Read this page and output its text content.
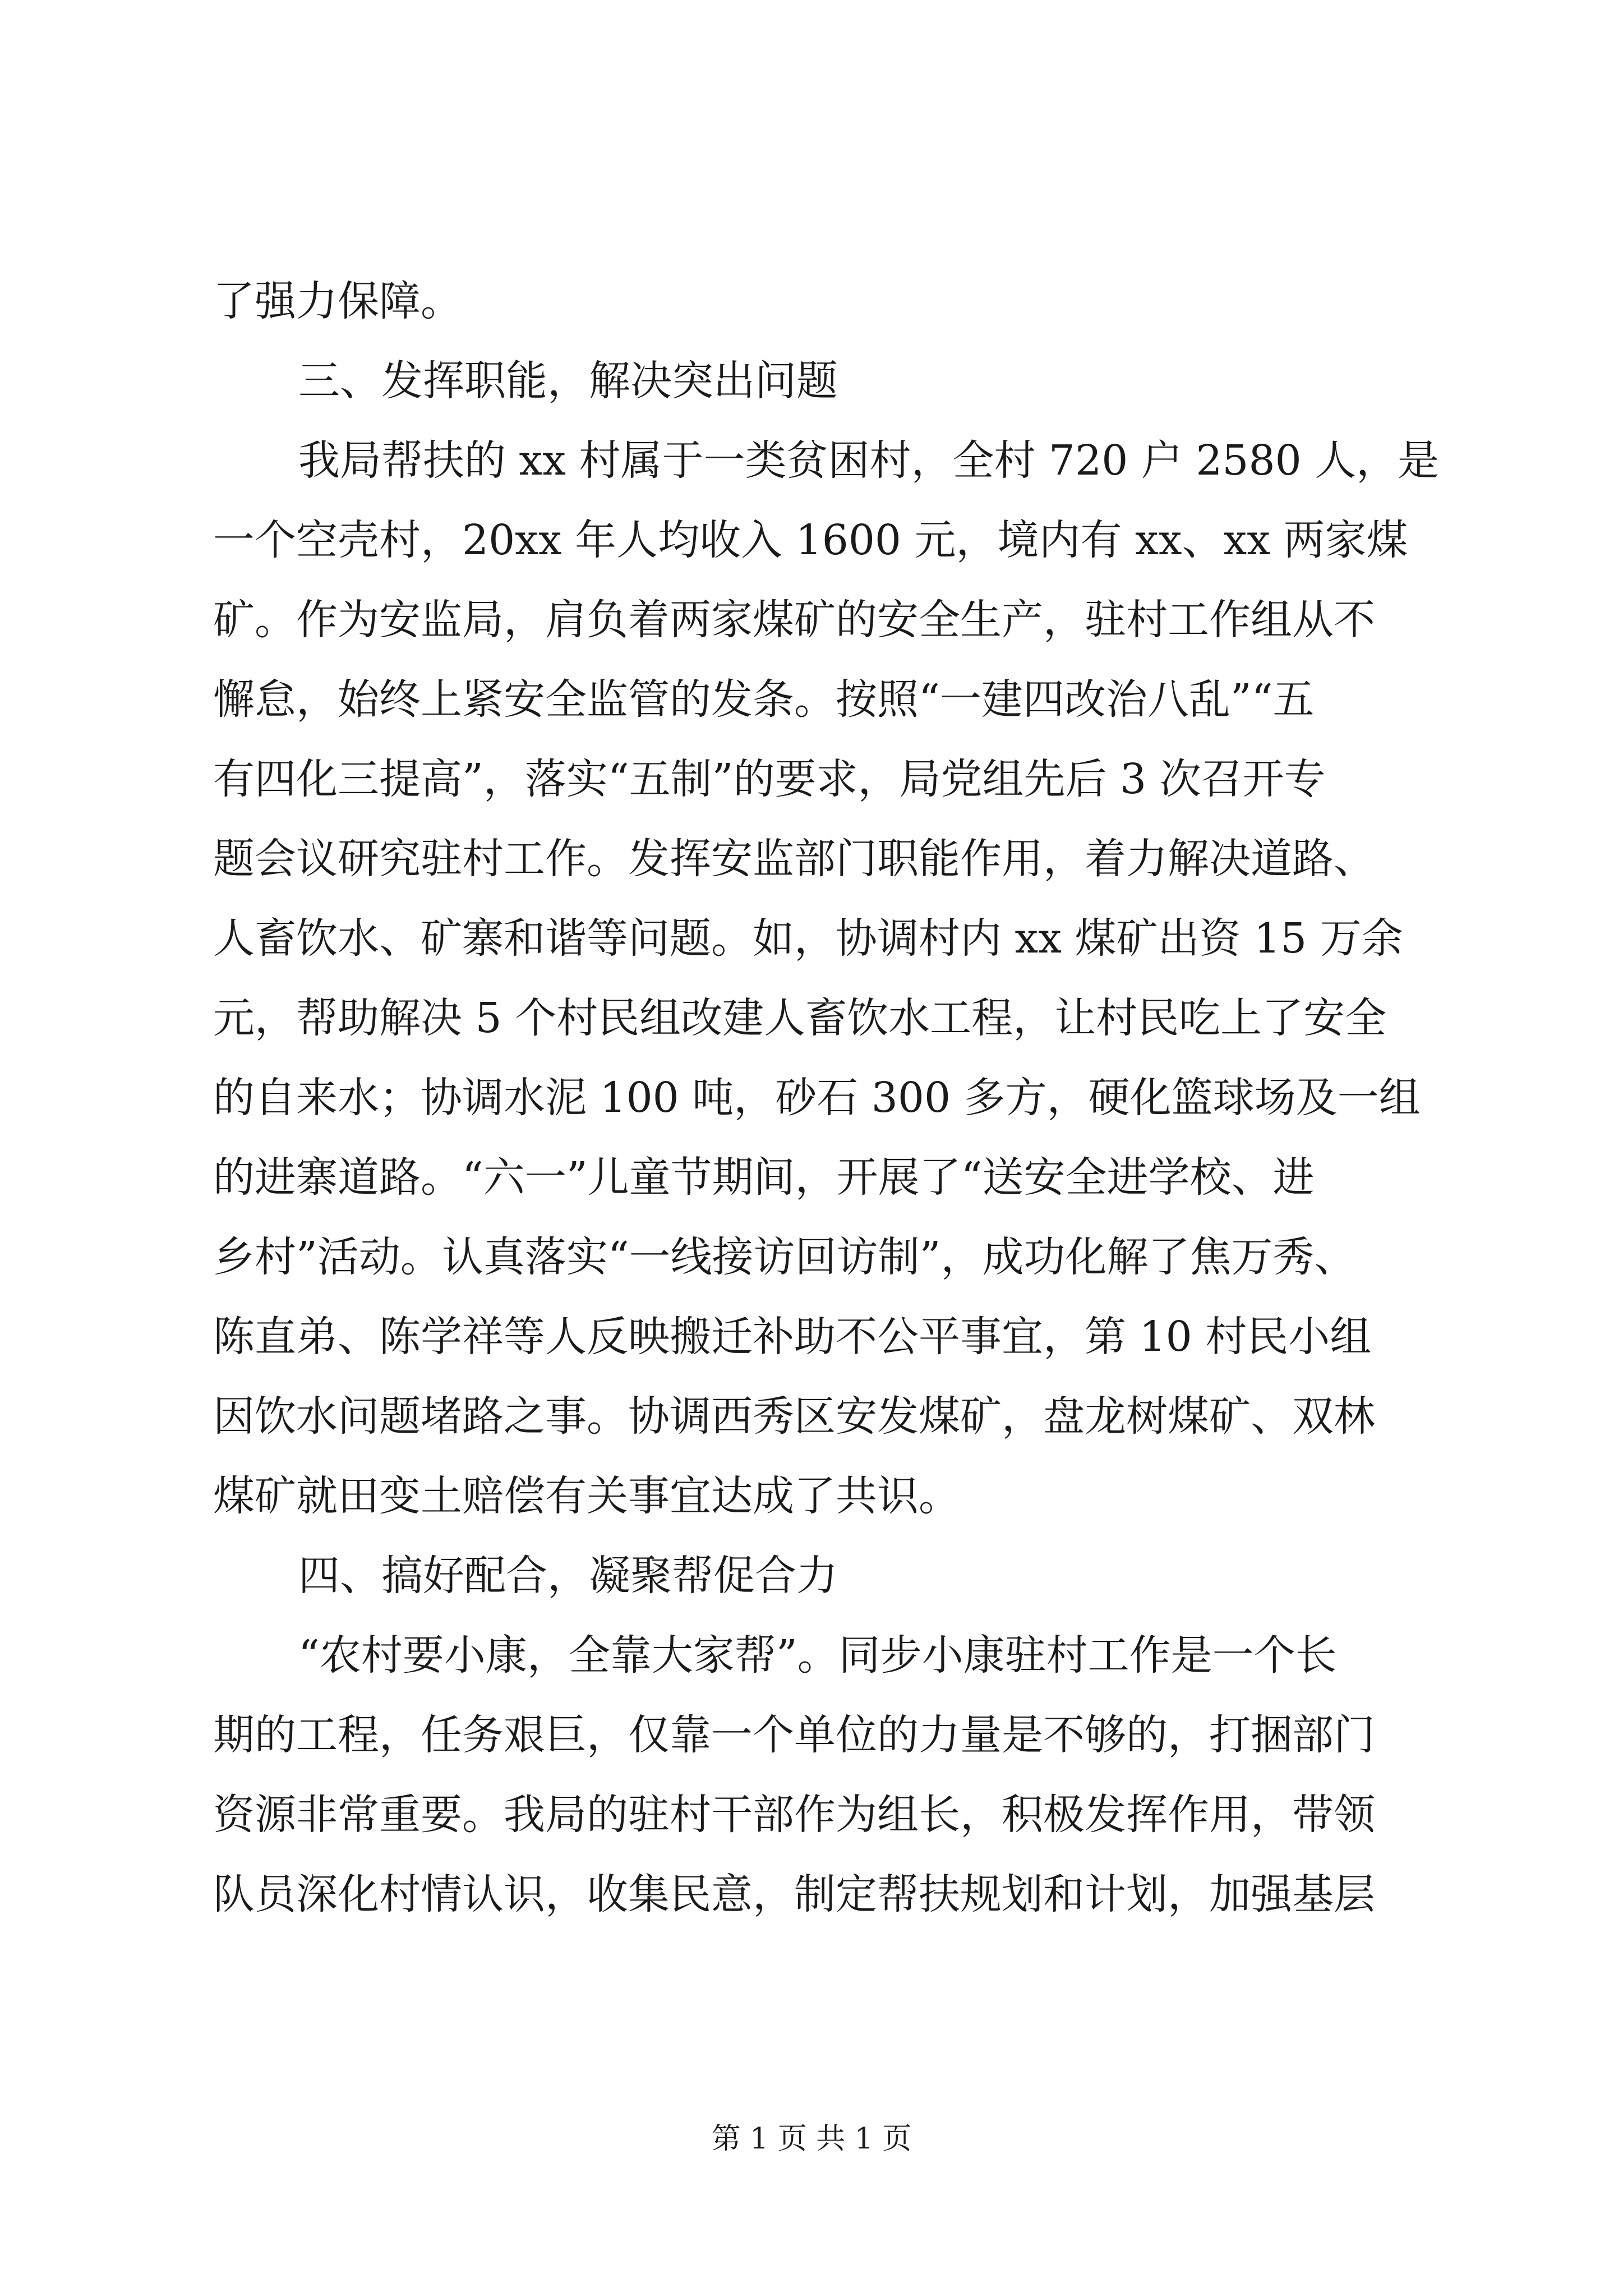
了强力保障。
三、发挥职能，解决突出问题
我局帮扶的 xx 村属于一类贫困村，全村 720 户 2580 人，是
一个空壳村，20xx 年人均收入 1600 元，境内有 xx、xx 两家煤
矿。作为安监局，肩负着两家煤矿的安全生产，驻村工作组从不
懈怠，始终上紧安全监管的发条。按照“一建四改治八乱”“五
有四化三提高”，落实“五制”的要求，局党组先后 3 次召开专
题会议研究驻村工作。发挥安监部门职能作用，着力解决道路、
人畜饮水、矿寨和谐等问题。如，协调村内 xx 煤矿出资 15 万余
元，帮助解决 5 个村民组改建人畜饮水工程，让村民吃上了安全
的自来水；协调水泥 100 吨，砂石 300 多方，硬化篮球场及一组
的进寨道路。“六一”儿童节期间，开展了“送安全进学校、进
乡村”活动。认真落实“一线接访回访制”，成功化解了焦万秀、
陈直弟、陈学祥等人反映搬迁补助不公平事宜，第 10 村民小组
因饮水问题堵路之事。协调西秀区安发煤矿，盘龙树煤矿、双林
煤矿就田变土赔偿有关事宜达成了共识。
四、搞好配合，凝聚帮促合力
“农村要小康，全靠大家帮”。同步小康驻村工作是一个长
期的工程，任务艰巨，仅靠一个单位的力量是不够的，打捆部门
资源非常重要。我局的驻村干部作为组长，积极发挥作用，带领
队员深化村情认识，收集民意，制定帮扶规划和计划，加强基层
第 1 页 共 1 页
